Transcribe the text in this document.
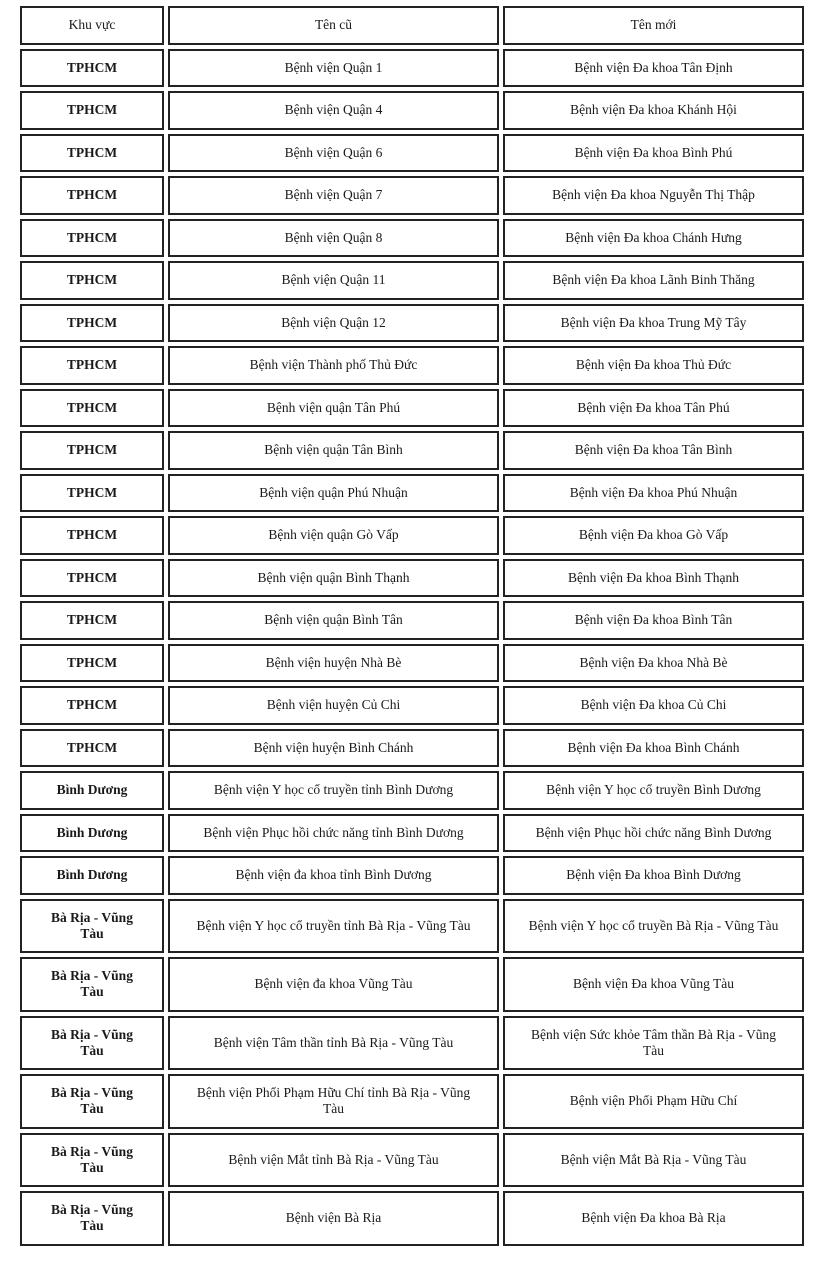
Khu vực	Tên cũ	Tên mới
TPHCM	Bệnh viện Quận 1	Bệnh viện Đa khoa Tân Định
TPHCM	Bệnh viện Quận 4	Bệnh viện Đa khoa Khánh Hội
TPHCM	Bệnh viện Quận 6	Bệnh viện Đa khoa Bình Phú
TPHCM	Bệnh viện Quận 7	Bệnh viện Đa khoa Nguyễn Thị Thập
TPHCM	Bệnh viện Quận 8	Bệnh viện Đa khoa Chánh Hưng
TPHCM	Bệnh viện Quận 11	Bệnh viện Đa khoa Lãnh Binh Thăng
TPHCM	Bệnh viện Quận 12	Bệnh viện Đa khoa Trung Mỹ Tây
TPHCM	Bệnh viện Thành phố Thủ Đức	Bệnh viện Đa khoa Thủ Đức
TPHCM	Bệnh viện quận Tân Phú	Bệnh viện Đa khoa Tân Phú
TPHCM	Bệnh viện quận Tân Bình	Bệnh viện Đa khoa Tân Bình
TPHCM	Bệnh viện quận Phú Nhuận	Bệnh viện Đa khoa Phú Nhuận
TPHCM	Bệnh viện quận Gò Vấp	Bệnh viện Đa khoa Gò Vấp
TPHCM	Bệnh viện quận Bình Thạnh	Bệnh viện Đa khoa Bình Thạnh
TPHCM	Bệnh viện quận Bình Tân	Bệnh viện Đa khoa Bình Tân
TPHCM	Bệnh viện huyện Nhà Bè	Bệnh viện Đa khoa Nhà Bè
TPHCM	Bệnh viện huyện Củ Chi	Bệnh viện Đa khoa Củ Chi
TPHCM	Bệnh viện huyện Bình Chánh	Bệnh viện Đa khoa Bình Chánh
Bình Dương	Bệnh viện Y học cổ truyền tỉnh Bình Dương	Bệnh viện Y học cổ truyền Bình Dương
Bình Dương	Bệnh viện Phục hồi chức năng tỉnh Bình Dương	Bệnh viện Phục hồi chức năng Bình Dương
Bình Dương	Bệnh viện đa khoa tỉnh Bình Dương	Bệnh viện Đa khoa Bình Dương
Bà Rịa - Vũng Tàu	Bệnh viện Y học cổ truyền tỉnh Bà Rịa - Vũng Tàu	Bệnh viện Y học cổ truyền Bà Rịa - Vũng Tàu
Bà Rịa - Vũng Tàu	Bệnh viện đa khoa Vũng Tàu	Bệnh viện Đa khoa Vũng Tàu
Bà Rịa - Vũng Tàu	Bệnh viện Tâm thần tỉnh Bà Rịa - Vũng Tàu	Bệnh viện Sức khỏe Tâm thần Bà Rịa - Vũng Tàu
Bà Rịa - Vũng Tàu	Bệnh viện Phổi Phạm Hữu Chí tỉnh Bà Rịa - Vũng Tàu	Bệnh viện Phổi Phạm Hữu Chí
Bà Rịa - Vũng Tàu	Bệnh viện Mắt tỉnh Bà Rịa - Vũng Tàu	Bệnh viện Mắt Bà Rịa - Vũng Tàu
Bà Rịa - Vũng Tàu	Bệnh viện Bà Rịa	Bệnh viện Đa khoa Bà Rịa
